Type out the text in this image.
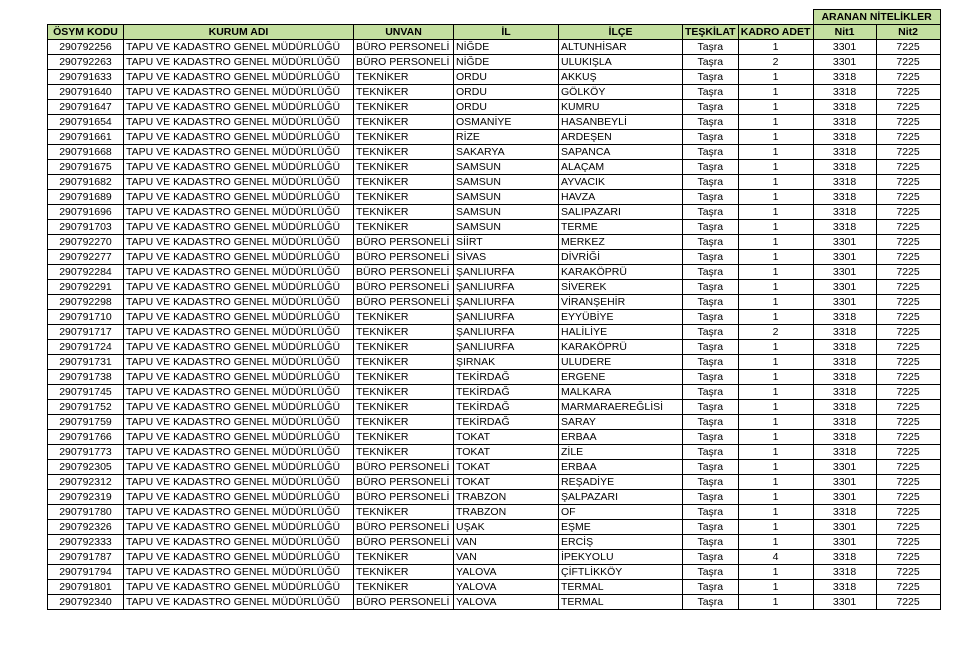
							ARANAN NİTELİKLER	
ÖSYM KODU	KURUM ADI	UNVAN	İL	İLÇE	TEŞKİLAT	KADRO ADET	Nit1	Nit2
290792256	TAPU VE KADASTRO GENEL MÜDÜRLÜĞÜ	BÜRO PERSONELİ	NİĞDE	ALTUNHİSAR	Taşra	1	3301	7225
290792263	TAPU VE KADASTRO GENEL MÜDÜRLÜĞÜ	BÜRO PERSONELİ	NİĞDE	ULUKIŞLA	Taşra	2	3301	7225
290791633	TAPU VE KADASTRO GENEL MÜDÜRLÜĞÜ	TEKNİKER	ORDU	AKKUŞ	Taşra	1	3318	7225
290791640	TAPU VE KADASTRO GENEL MÜDÜRLÜĞÜ	TEKNİKER	ORDU	GÖLKÖY	Taşra	1	3318	7225
290791647	TAPU VE KADASTRO GENEL MÜDÜRLÜĞÜ	TEKNİKER	ORDU	KUMRU	Taşra	1	3318	7225
290791654	TAPU VE KADASTRO GENEL MÜDÜRLÜĞÜ	TEKNİKER	OSMANİYE	HASANBEYLİ	Taşra	1	3318	7225
290791661	TAPU VE KADASTRO GENEL MÜDÜRLÜĞÜ	TEKNİKER	RİZE	ARDEŞEN	Taşra	1	3318	7225
290791668	TAPU VE KADASTRO GENEL MÜDÜRLÜĞÜ	TEKNİKER	SAKARYA	SAPANCA	Taşra	1	3318	7225
290791675	TAPU VE KADASTRO GENEL MÜDÜRLÜĞÜ	TEKNİKER	SAMSUN	ALAÇAM	Taşra	1	3318	7225
290791682	TAPU VE KADASTRO GENEL MÜDÜRLÜĞÜ	TEKNİKER	SAMSUN	AYVACIK	Taşra	1	3318	7225
290791689	TAPU VE KADASTRO GENEL MÜDÜRLÜĞÜ	TEKNİKER	SAMSUN	HAVZA	Taşra	1	3318	7225
290791696	TAPU VE KADASTRO GENEL MÜDÜRLÜĞÜ	TEKNİKER	SAMSUN	SALIPAZARI	Taşra	1	3318	7225
290791703	TAPU VE KADASTRO GENEL MÜDÜRLÜĞÜ	TEKNİKER	SAMSUN	TERME	Taşra	1	3318	7225
290792270	TAPU VE KADASTRO GENEL MÜDÜRLÜĞÜ	BÜRO PERSONELİ	SİİRT	MERKEZ	Taşra	1	3301	7225
290792277	TAPU VE KADASTRO GENEL MÜDÜRLÜĞÜ	BÜRO PERSONELİ	SİVAS	DİVRİĞİ	Taşra	1	3301	7225
290792284	TAPU VE KADASTRO GENEL MÜDÜRLÜĞÜ	BÜRO PERSONELİ	ŞANLIURFA	KARAKÖPRÜ	Taşra	1	3301	7225
290792291	TAPU VE KADASTRO GENEL MÜDÜRLÜĞÜ	BÜRO PERSONELİ	ŞANLIURFA	SİVEREK	Taşra	1	3301	7225
290792298	TAPU VE KADASTRO GENEL MÜDÜRLÜĞÜ	BÜRO PERSONELİ	ŞANLIURFA	VİRANŞEHİR	Taşra	1	3301	7225
290791710	TAPU VE KADASTRO GENEL MÜDÜRLÜĞÜ	TEKNİKER	ŞANLIURFA	EYYÜBİYE	Taşra	1	3318	7225
290791717	TAPU VE KADASTRO GENEL MÜDÜRLÜĞÜ	TEKNİKER	ŞANLIURFA	HALİLİYE	Taşra	2	3318	7225
290791724	TAPU VE KADASTRO GENEL MÜDÜRLÜĞÜ	TEKNİKER	ŞANLIURFA	KARAKÖPRÜ	Taşra	1	3318	7225
290791731	TAPU VE KADASTRO GENEL MÜDÜRLÜĞÜ	TEKNİKER	ŞIRNAK	ULUDERE	Taşra	1	3318	7225
290791738	TAPU VE KADASTRO GENEL MÜDÜRLÜĞÜ	TEKNİKER	TEKİRDAĞ	ERGENE	Taşra	1	3318	7225
290791745	TAPU VE KADASTRO GENEL MÜDÜRLÜĞÜ	TEKNİKER	TEKİRDAĞ	MALKARA	Taşra	1	3318	7225
290791752	TAPU VE KADASTRO GENEL MÜDÜRLÜĞÜ	TEKNİKER	TEKİRDAĞ	MARMARAEREĞLİSİ	Taşra	1	3318	7225
290791759	TAPU VE KADASTRO GENEL MÜDÜRLÜĞÜ	TEKNİKER	TEKİRDAĞ	SARAY	Taşra	1	3318	7225
290791766	TAPU VE KADASTRO GENEL MÜDÜRLÜĞÜ	TEKNİKER	TOKAT	ERBAA	Taşra	1	3318	7225
290791773	TAPU VE KADASTRO GENEL MÜDÜRLÜĞÜ	TEKNİKER	TOKAT	ZİLE	Taşra	1	3318	7225
290792305	TAPU VE KADASTRO GENEL MÜDÜRLÜĞÜ	BÜRO PERSONELİ	TOKAT	ERBAA	Taşra	1	3301	7225
290792312	TAPU VE KADASTRO GENEL MÜDÜRLÜĞÜ	BÜRO PERSONELİ	TOKAT	REŞADİYE	Taşra	1	3301	7225
290792319	TAPU VE KADASTRO GENEL MÜDÜRLÜĞÜ	BÜRO PERSONELİ	TRABZON	ŞALPAZARI	Taşra	1	3301	7225
290791780	TAPU VE KADASTRO GENEL MÜDÜRLÜĞÜ	TEKNİKER	TRABZON	OF	Taşra	1	3318	7225
290792326	TAPU VE KADASTRO GENEL MÜDÜRLÜĞÜ	BÜRO PERSONELİ	UŞAK	EŞME	Taşra	1	3301	7225
290792333	TAPU VE KADASTRO GENEL MÜDÜRLÜĞÜ	BÜRO PERSONELİ	VAN	ERCİŞ	Taşra	1	3301	7225
290791787	TAPU VE KADASTRO GENEL MÜDÜRLÜĞÜ	TEKNİKER	VAN	İPEKYOLU	Taşra	4	3318	7225
290791794	TAPU VE KADASTRO GENEL MÜDÜRLÜĞÜ	TEKNİKER	YALOVA	ÇİFTLİKKÖY	Taşra	1	3318	7225
290791801	TAPU VE KADASTRO GENEL MÜDÜRLÜĞÜ	TEKNİKER	YALOVA	TERMAL	Taşra	1	3318	7225
290792340	TAPU VE KADASTRO GENEL MÜDÜRLÜĞÜ	BÜRO PERSONELİ	YALOVA	TERMAL	Taşra	1	3301	7225
